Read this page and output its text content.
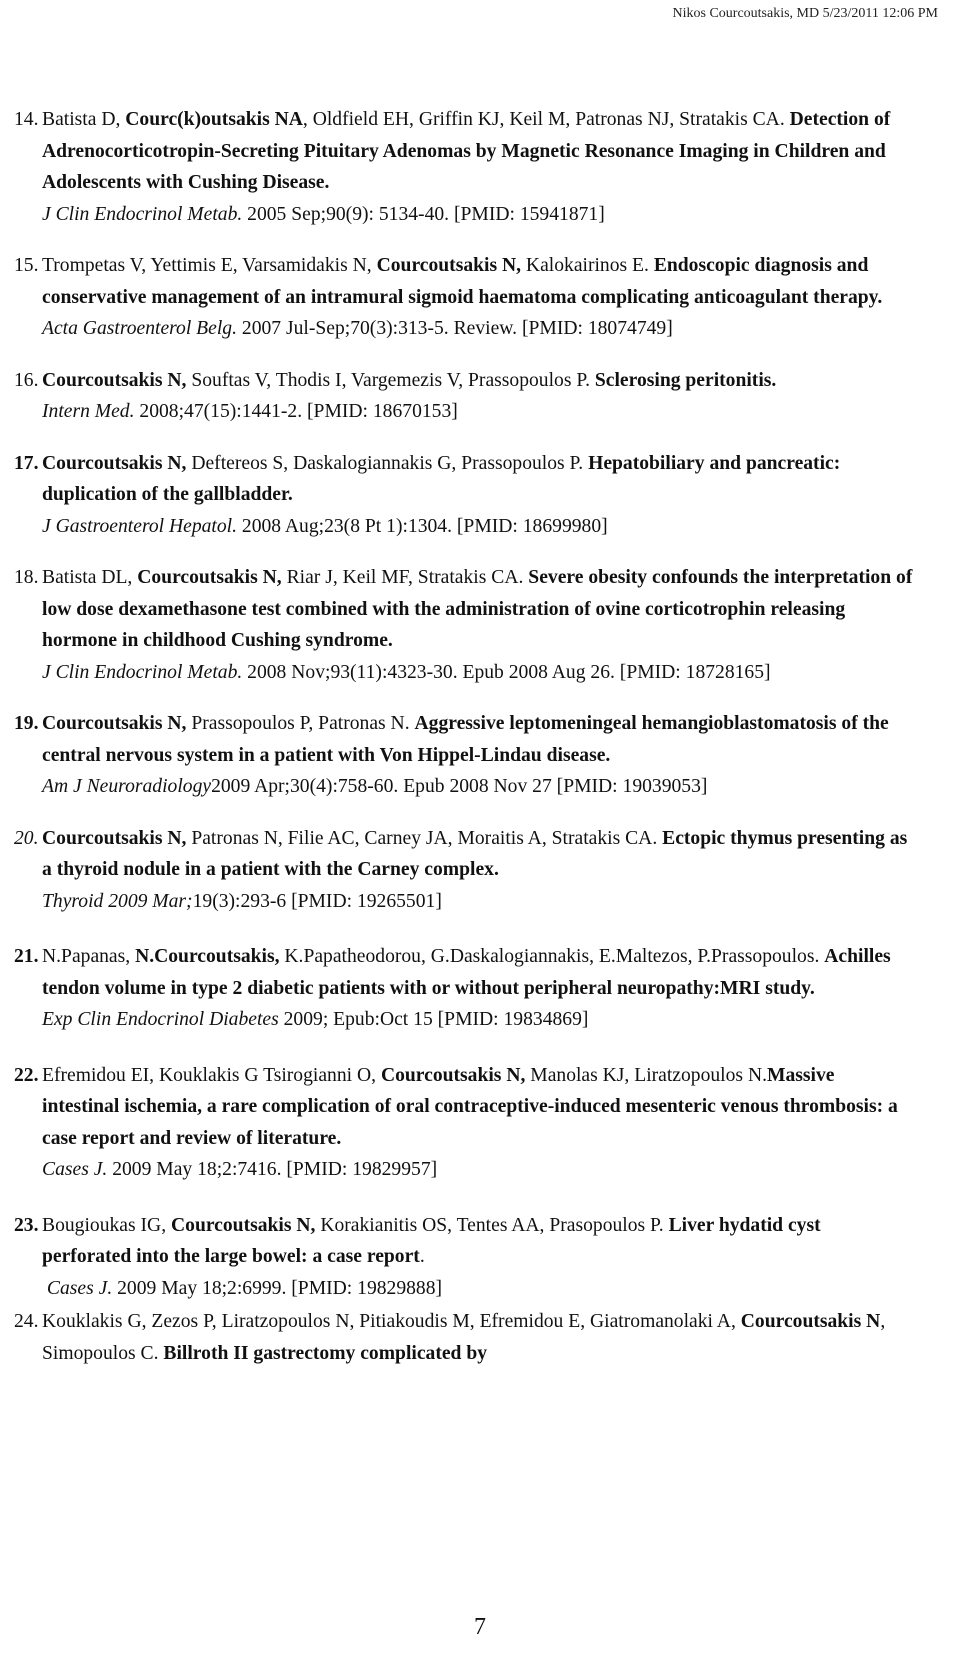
Nikos Courcoutsakis, MD 5/23/2011 12:06 PM
14. Batista D, Courc(k)outsakis NA, Oldfield EH, Griffin KJ, Keil M, Patronas NJ, Stratakis CA. Detection of Adrenocorticotropin-Secreting Pituitary Adenomas by Magnetic Resonance Imaging in Children and Adolescents with Cushing Disease.
J Clin Endocrinol Metab. 2005 Sep;90(9): 5134-40. [PMID: 15941871]
15. Trompetas V, Yettimis E, Varsamidakis N, Courcoutsakis N, Kalokairinos E. Endoscopic diagnosis and conservative management of an intramural sigmoid haematoma complicating anticoagulant therapy.
Acta Gastroenterol Belg. 2007 Jul-Sep;70(3):313-5. Review. [PMID: 18074749]
16. Courcoutsakis N, Souftas V, Thodis I, Vargemezis V, Prassopoulos P. Sclerosing peritonitis.
Intern Med. 2008;47(15):1441-2. [PMID: 18670153]
17. Courcoutsakis N, Deftereos S, Daskalogiannakis G, Prassopoulos P. Hepatobiliary and pancreatic: duplication of the gallbladder.
J Gastroenterol Hepatol. 2008 Aug;23(8 Pt 1):1304. [PMID: 18699980]
18. Batista DL, Courcoutsakis N, Riar J, Keil MF, Stratakis CA. Severe obesity confounds the interpretation of low dose dexamethasone test combined with the administration of ovine corticotrophin releasing hormone in childhood Cushing syndrome.
J Clin Endocrinol Metab. 2008 Nov;93(11):4323-30. Epub 2008 Aug 26. [PMID: 18728165]
19. Courcoutsakis N, Prassopoulos P, Patronas N. Aggressive leptomeningeal hemangioblastomatosis of the central nervous system in a patient with Von Hippel-Lindau disease.
Am J Neuroradiology2009 Apr;30(4):758-60. Epub 2008 Nov 27 [PMID: 19039053]
20. Courcoutsakis N, Patronas N, Filie AC, Carney JA, Moraitis A, Stratakis CA. Ectopic thymus presenting as a thyroid nodule in a patient with the Carney complex.
Thyroid 2009 Mar;19(3):293-6 [PMID: 19265501]
21. N.Papanas, N.Courcoutsakis, K.Papatheodorou, G.Daskalogiannakis, E.Maltezos, P.Prassopoulos. Achilles tendon volume in type 2 diabetic patients with or without peripheral neuropathy:MRI study.
Exp Clin Endocrinol Diabetes 2009; Epub:Oct 15 [PMID: 19834869]
22. Efremidou EI, Kouklakis G Tsirogianni O, Courcoutsakis N, Manolas KJ, Liratzopoulos N.Massive intestinal ischemia, a rare complication of oral contraceptive-induced mesenteric venous thrombosis: a case report and review of literature.
Cases J. 2009 May 18;2:7416. [PMID: 19829957]
23. Bougioukas IG, Courcoutsakis N, Korakianitis OS, Tentes AA, Prasopoulos P. Liver hydatid cyst perforated into the large bowel: a case report.
Cases J. 2009 May 18;2:6999. [PMID: 19829888]
24. Kouklakis G, Zezos P, Liratzopoulos N, Pitiakoudis M, Efremidou E, Giatromanolaki A, Courcoutsakis N, Simopoulos C. Billroth II gastrectomy complicated by
7
